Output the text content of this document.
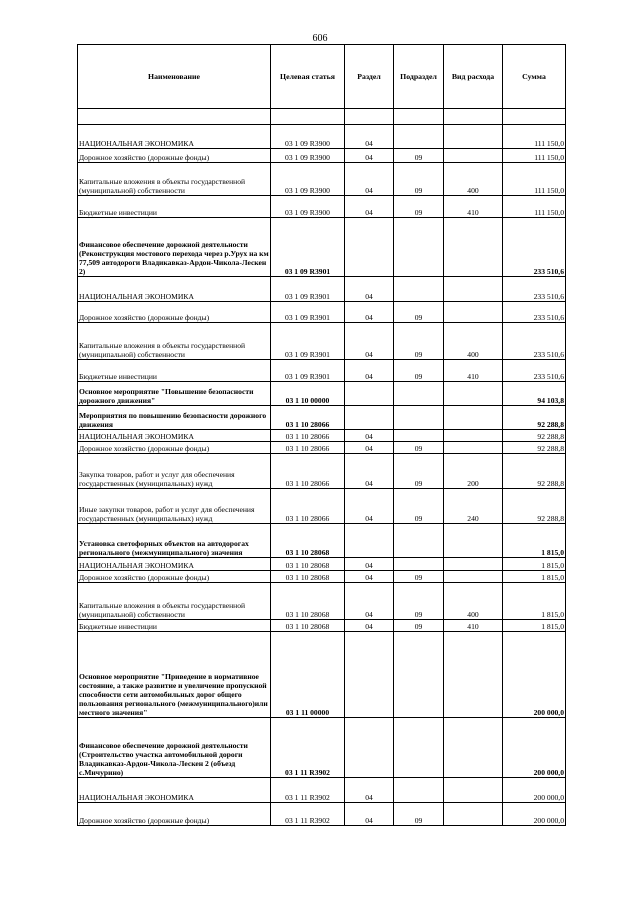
606
Наименование	Целевая статья	Раздел	Подраздел	Вид расхода	Сумма

НАЦИОНАЛЬНАЯ ЭКОНОМИКА	03 1 09 R3900	04			111 150,0
Дорожное хозяйство (дорожные фонды)	03 1 09 R3900	04	09		111 150,0
Капитальные вложения в объекты государственной (муниципальной) собственности	03 1 09 R3900	04	09	400	111 150,0
Бюджетные инвестиции	03 1 09 R3900	04	09	410	111 150,0
Финансовое обеспечение дорожной деятельности (Реконструкция мостового перехода через р.Урух на км 77,509 автодороги Владикавказ-Ардон-Чикола-Лескен 2)	03 1 09 R3901				233 510,6
НАЦИОНАЛЬНАЯ ЭКОНОМИКА	03 1 09 R3901	04			233 510,6
Дорожное хозяйство (дорожные фонды)	03 1 09 R3901	04	09		233 510,6
Капитальные вложения в объекты государственной (муниципальной) собственности	03 1 09 R3901	04	09	400	233 510,6
Бюджетные инвестиции	03 1 09 R3901	04	09	410	233 510,6
Основное мероприятие "Повышение безопасности дорожного движения"	03 1 10 00000				94 103,8
Мероприятия по повышению безопасности дорожного движения	03 1 10 28066				92 288,8
НАЦИОНАЛЬНАЯ ЭКОНОМИКА	03 1 10 28066	04			92 288,8
Дорожное хозяйство (дорожные фонды)	03 1 10 28066	04	09		92 288,8
Закупка товаров, работ и услуг для обеспечения государственных (муниципальных) нужд	03 1 10 28066	04	09	200	92 288,8
Иные закупки товаров, работ и услуг для обеспечения государственных (муниципальных) нужд	03 1 10 28066	04	09	240	92 288,8
Установка светофорных объектов на автодорогах регионального (межмуниципального) значения	03 1 10 28068				1 815,0
НАЦИОНАЛЬНАЯ ЭКОНОМИКА	03 1 10 28068	04			1 815,0
Дорожное хозяйство (дорожные фонды)	03 1 10 28068	04	09		1 815,0
Капитальные вложения в объекты государственной (муниципальной) собственности	03 1 10 28068	04	09	400	1 815,0
Бюджетные инвестиции	03 1 10 28068	04	09	410	1 815,0
Основное мероприятие "Приведение в нормативное состояние, а также развитие и увеличение пропускной способности сети автомобильных дорог общего пользования регионального (межмуниципального)или местного значения"	03 1 11 00000				200 000,0
Финансовое обеспечение дорожной деятельности (Строительство участка автомобильной дороги Владикавказ-Ардон-Чикола-Лескен 2 (объезд с.Мичурино)	03 1 11 R3902				200 000,0
НАЦИОНАЛЬНАЯ ЭКОНОМИКА	03 1 11 R3902	04			200 000,0
Дорожное хозяйство (дорожные фонды)	03 1 11 R3902	04	09		200 000,0
